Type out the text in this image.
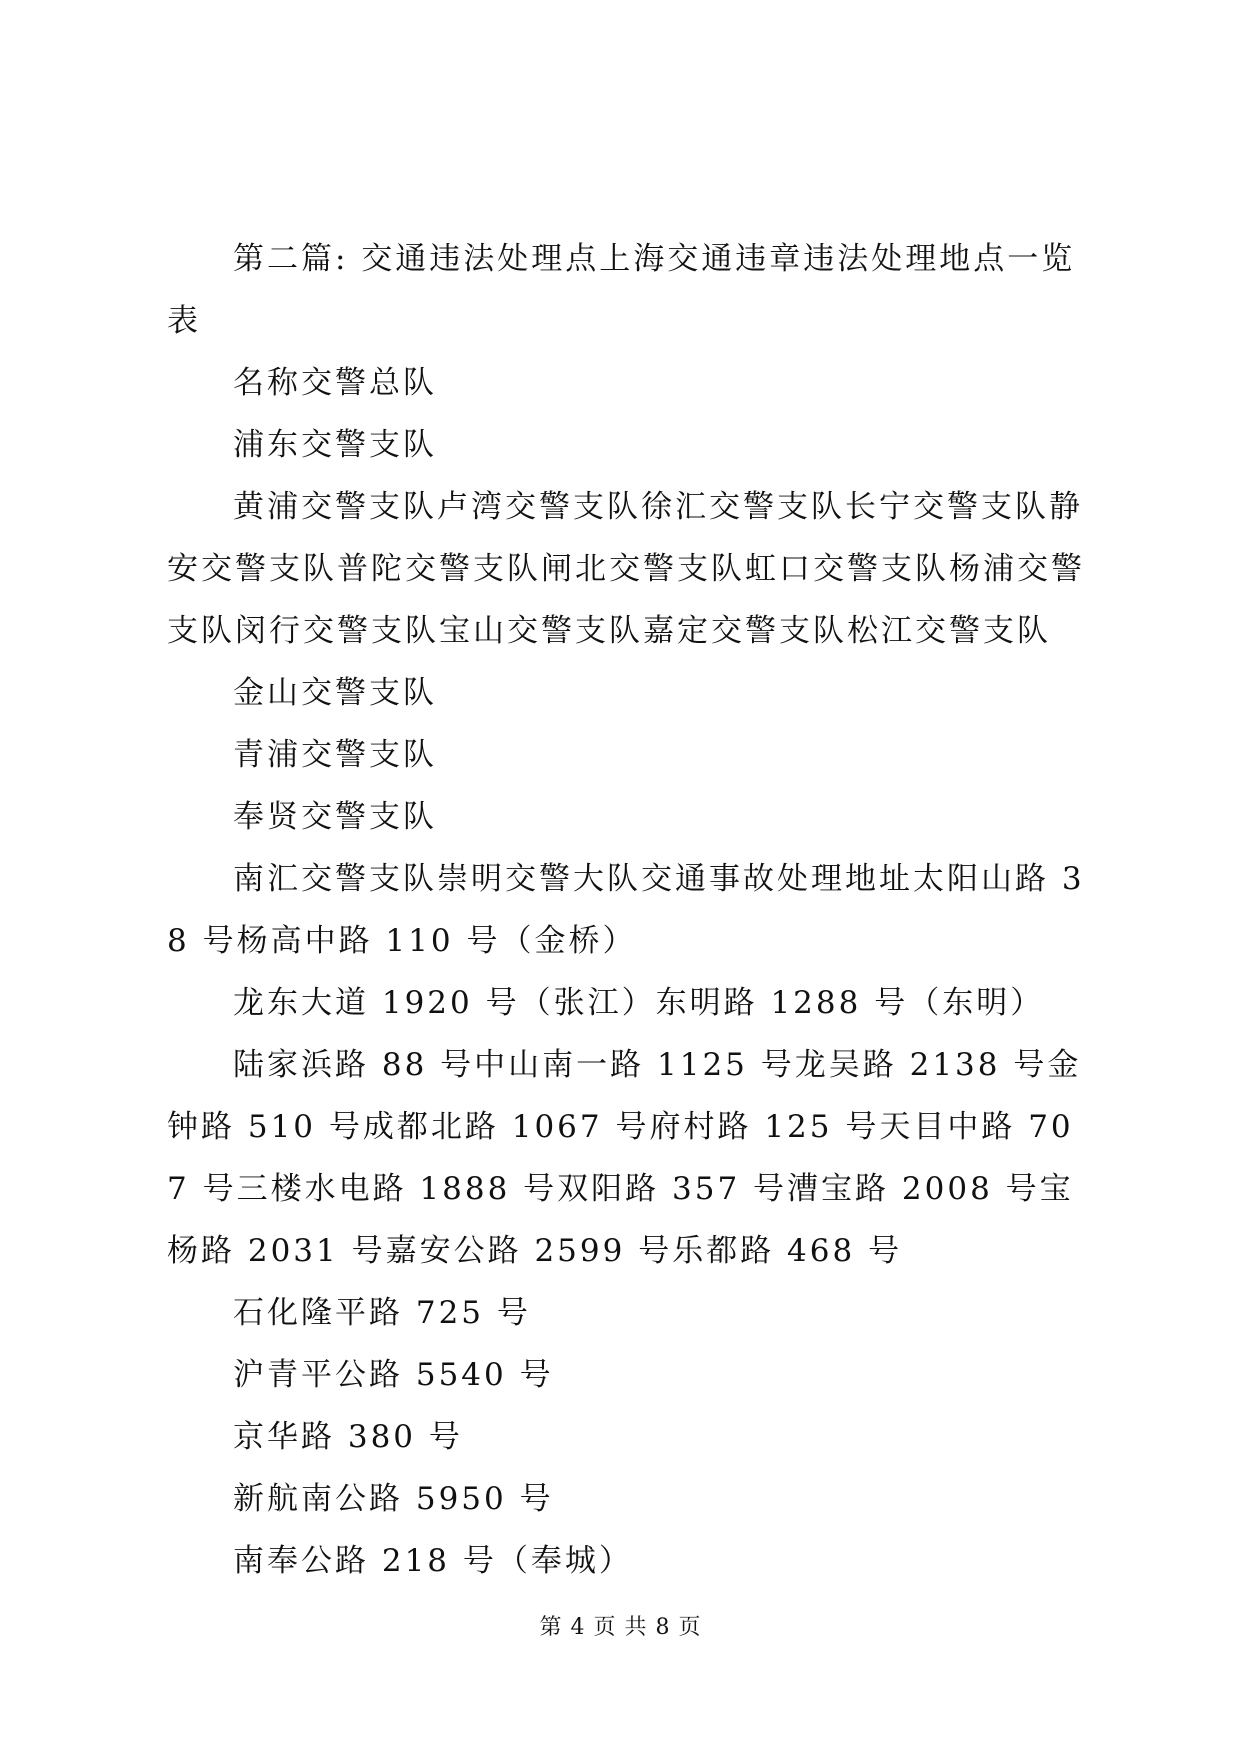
第二篇: 交通违法处理点上海交通违章违法处理地点一览表

名称交警总队

浦东交警支队

黄浦交警支队卢湾交警支队徐汇交警支队长宁交警支队静安交警支队普陀交警支队闸北交警支队虹口交警支队杨浦交警支队闵行交警支队宝山交警支队嘉定交警支队松江交警支队

金山交警支队

青浦交警支队

奉贤交警支队

南汇交警支队崇明交警大队交通事故处理地址太阳山路 38 号杨高中路 110 号（金桥）

龙东大道 1920 号（张江）东明路 1288 号（东明）

陆家浜路 88 号中山南一路 1125 号龙吴路 2138 号金钟路 510 号成都北路 1067 号府村路 125 号天目中路 707 号三楼水电路 1888 号双阳路 357 号漕宝路 2008 号宝杨路 2031 号嘉安公路 2599 号乐都路 468 号

石化隆平路 725 号

沪青平公路 5540 号

京华路 380 号

新航南公路 5950 号

南奉公路 218 号（奉城）

第 4 页 共 8 页
